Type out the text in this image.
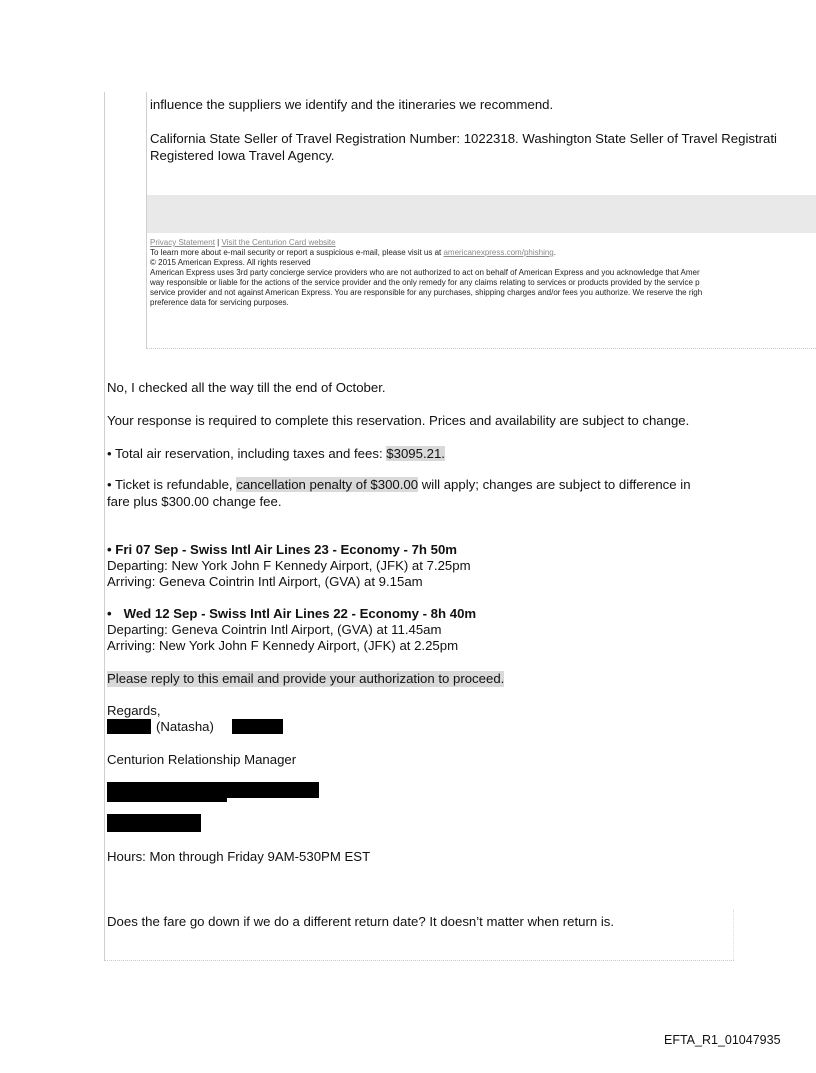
influence the suppliers we identify and the itineraries we recommend.
California State Seller of Travel Registration Number: 1022318. Washington State Seller of Travel Registrati
Registered Iowa Travel Agency.
Privacy Statement | Visit the Centurion Card website
To learn more about e-mail security or report a suspicious e-mail, please visit us at americanexpress.com/phishing.
© 2015 American Express. All rights reserved
American Express uses 3rd party concierge service providers who are not authorized to act on behalf of American Express and you acknowledge that Amer
way responsible or liable for the actions of the service provider and the only remedy for any claims relating to services or products provided by the service p
service provider and not against American Express. You are responsible for any purchases, shipping charges and/or fees you authorize. We reserve the righ
preference data for servicing purposes.
No, I checked all the way till the end of October.
Your response is required to complete this reservation. Prices and availability are subject to change.
• Total air reservation, including taxes and fees: $3095.21.
• Ticket is refundable, cancellation penalty of $300.00 will apply; changes are subject to difference in
fare plus $300.00 change fee.
• Fri 07 Sep - Swiss Intl Air Lines 23 - Economy - 7h 50m
Departing: New York John F Kennedy Airport, (JFK) at 7.25pm
Arriving: Geneva Cointrin Intl Airport, (GVA) at 9.15am
• Wed 12 Sep - Swiss Intl Air Lines 22 - Economy - 8h 40m
Departing: Geneva Cointrin Intl Airport, (GVA) at 11.45am
Arriving: New York John F Kennedy Airport, (JFK) at 2.25pm
Please reply to this email and provide your authorization to proceed.
Regards,
(Natasha)
Centurion Relationship Manager
Hours: Mon through Friday 9AM-530PM EST
Does the fare go down if we do a different return date? It doesn’t matter when return is.
EFTA_R1_01047935
